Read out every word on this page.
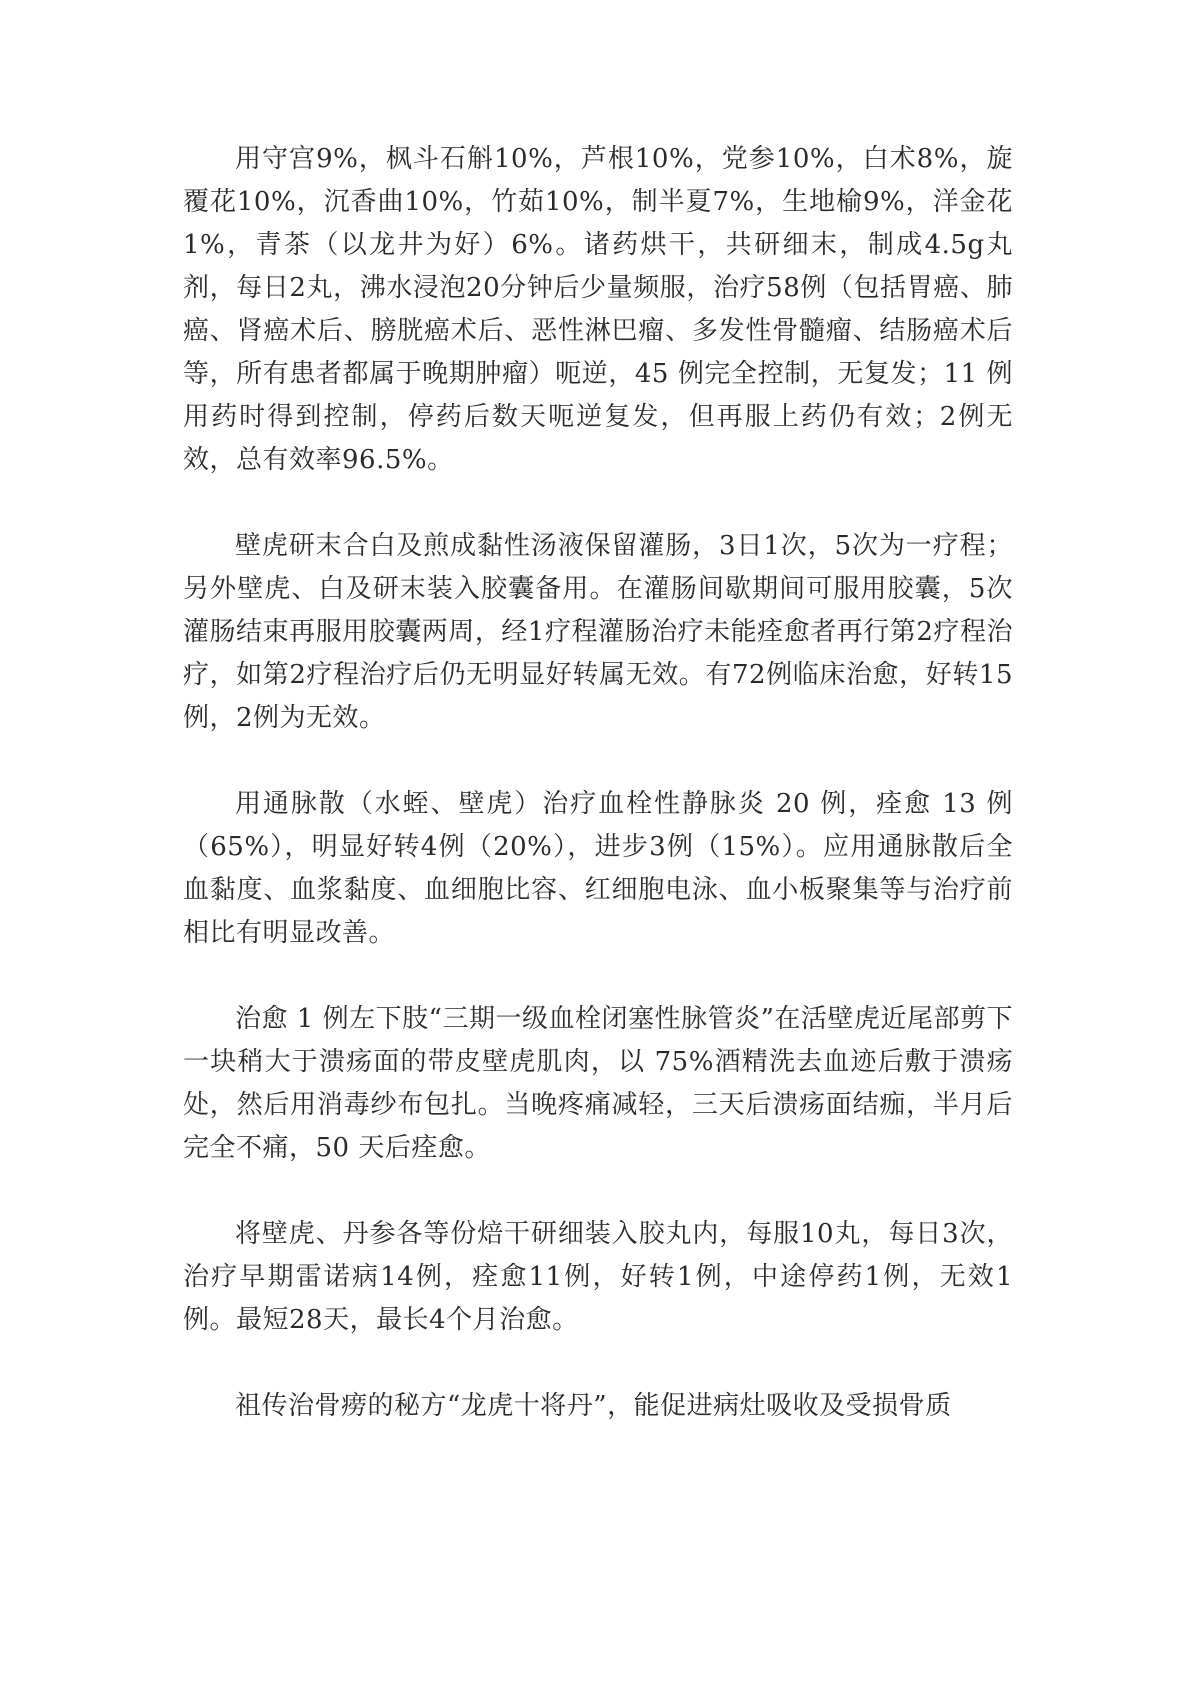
用守宫9%，枫斗石斛10%，芦根10%，党参10%，白术8%，旋覆花10%，沉香曲10%，竹茹10%，制半夏7%，生地榆9%，洋金花1%，青茶（以龙井为好）6%。诸药烘干，共研细末，制成4.5g丸剂，每日2丸，沸水浸泡20分钟后少量频服，治疗58例（包括胃癌、肺癌、肾癌术后、膀胱癌术后、恶性淋巴瘤、多发性骨髓瘤、结肠癌术后等，所有患者都属于晚期肿瘤）呃逆，45 例完全控制，无复发；11 例用药时得到控制，停药后数天呃逆复发，但再服上药仍有效；2例无效，总有效率96.5%。

壁虎研末合白及煎成黏性汤液保留灌肠，3日1次，5次为一疗程；另外壁虎、白及研末装入胶囊备用。在灌肠间歇期间可服用胶囊，5次灌肠结束再服用胶囊两周，经1疗程灌肠治疗未能痊愈者再行第2疗程治疗，如第2疗程治疗后仍无明显好转属无效。有72例临床治愈，好转15例，2例为无效。

用通脉散（水蛭、壁虎）治疗血栓性静脉炎 20 例，痊愈 13 例（65%），明显好转4例（20%），进步3例（15%）。应用通脉散后全血黏度、血浆黏度、血细胞比容、红细胞电泳、血小板聚集等与治疗前相比有明显改善。

治愈 1 例左下肢“三期一级血栓闭塞性脉管炎”在活壁虎近尾部剪下一块稍大于溃疡面的带皮壁虎肌肉，以 75%酒精洗去血迹后敷于溃疡处，然后用消毒纱布包扎。当晚疼痛减轻，三天后溃疡面结痂，半月后完全不痛，50 天后痊愈。

将壁虎、丹参各等份焙干研细装入胶丸内，每服10丸，每日3次，治疗早期雷诺病14例，痊愈11例，好转1例，中途停药1例，无效1例。最短28天，最长4个月治愈。

祖传治骨痨的秘方“龙虎十将丹”，能促进病灶吸收及受损骨质
